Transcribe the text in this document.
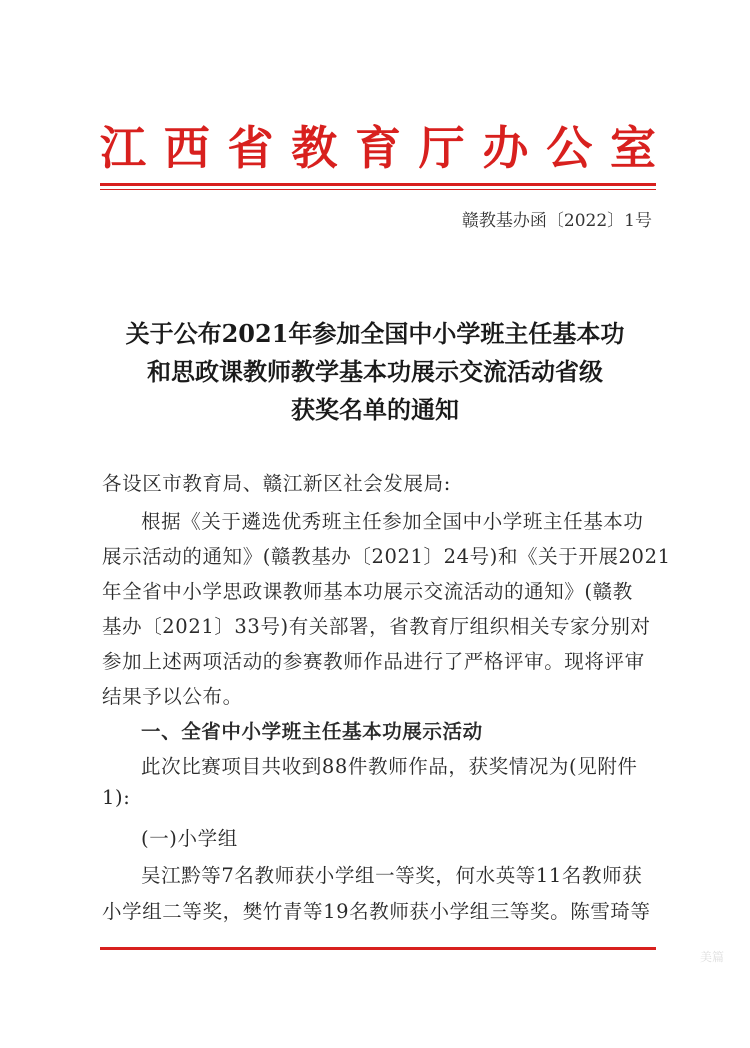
江 西 省 教 育 厅 办 公 室
赣教基办函〔2022〕1号
关于公布2021年参加全国中小学班主任基本功
和思政课教师教学基本功展示交流活动省级
获奖名单的通知
各设区市教育局、赣江新区社会发展局:
根据《关于遴选优秀班主任参加全国中小学班主任基本功
展示活动的通知》(赣教基办〔2021〕24号)和《关于开展2021
年全省中小学思政课教师基本功展示交流活动的通知》(赣教
基办〔2021〕33号)有关部署，省教育厅组织相关专家分别对
参加上述两项活动的参赛教师作品进行了严格评审。现将评审
结果予以公布。
一、全省中小学班主任基本功展示活动
此次比赛项目共收到88件教师作品，获奖情况为(见附件
1):
(一)小学组
吴江黔等7名教师获小学组一等奖，何水英等11名教师获
小学组二等奖，樊竹青等19名教师获小学组三等奖。陈雪琦等
美篇
